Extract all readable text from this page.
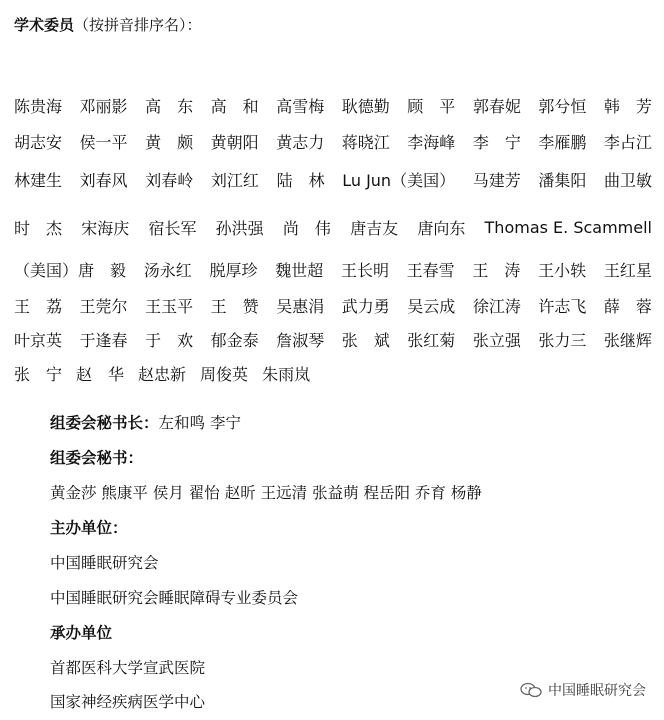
学术委员（按拼音排序名）：
陈贵海 邓丽影 高　东 高　和 高雪梅 耿德勤 顾　平 郭春妮 郭兮恒 韩　芳
胡志安 侯一平 黄　颇 黄朝阳 黄志力 蒋晓江 李海峰 李　宁 李雁鹏 李占江
林建生 刘春风 刘春岭 刘江红 陆　林 Lu Jun（美国） 马建芳 潘集阳 曲卫敏
时　杰 宋海庆 宿长军 孙洪强 尚　伟 唐吉友 唐向东 Thomas E. Scammell
（美国）唐　毅 汤永红 脱厚珍 魏世超 王长明 王春雪 王　涛 王小轶 王红星
王　荔 王莞尔 王玉平 王　赞 吴惠涓 武力勇 吴云成 徐江涛 许志飞 薛　蓉
叶京英 于逢春 于　欢 郁金泰 詹淑琴 张　斌 张红菊 张立强 张力三 张继辉
张　宁 赵　华 赵忠新 周俊英 朱雨岚
组委会秘书长：左和鸣 李宁
组委会秘书：
黄金莎 熊康平 侯月 翟怡 赵昕 王远清 张益萌 程岳阳 乔育 杨静
主办单位：
中国睡眠研究会
中国睡眠研究会睡眠障碍专业委员会
承办单位
首都医科大学宣武医院
国家神经疾病医学中心
中国睡眠研究会
